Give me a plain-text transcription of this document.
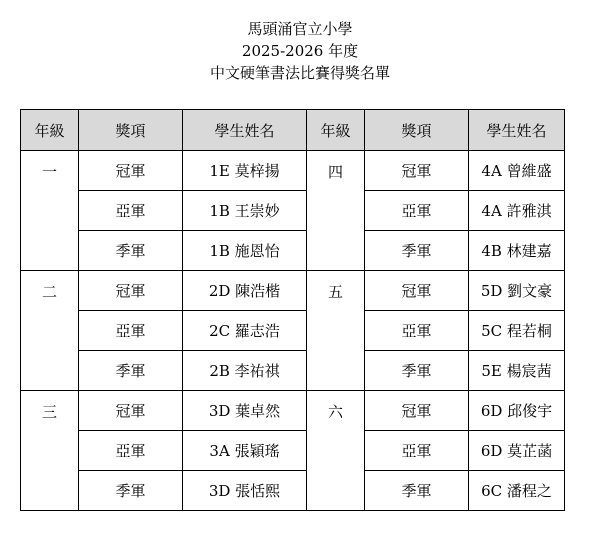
馬頭涌官立小學
2025-2026 年度
中文硬筆書法比賽得獎名單
年級	獎項	學生姓名	年級	獎項	學生姓名
一	冠軍	1E 莫梓揚	四	冠軍	4A 曾維盛
	亞軍	1B 王崇妙		亞軍	4A 許雅淇
	季軍	1B 施恩怡		季軍	4B 林建嘉
二	冠軍	2D 陳浩楷	五	冠軍	5D 劉文豪
	亞軍	2C 羅志浩		亞軍	5C 程若桐
	季軍	2B 李祐祺		季軍	5E 楊宸茜
三	冠軍	3D 葉卓然	六	冠軍	6D 邱俊宇
	亞軍	3A 張穎瑤		亞軍	6D 莫芷菡
	季軍	3D 張恬熙		季軍	6C 潘程之
